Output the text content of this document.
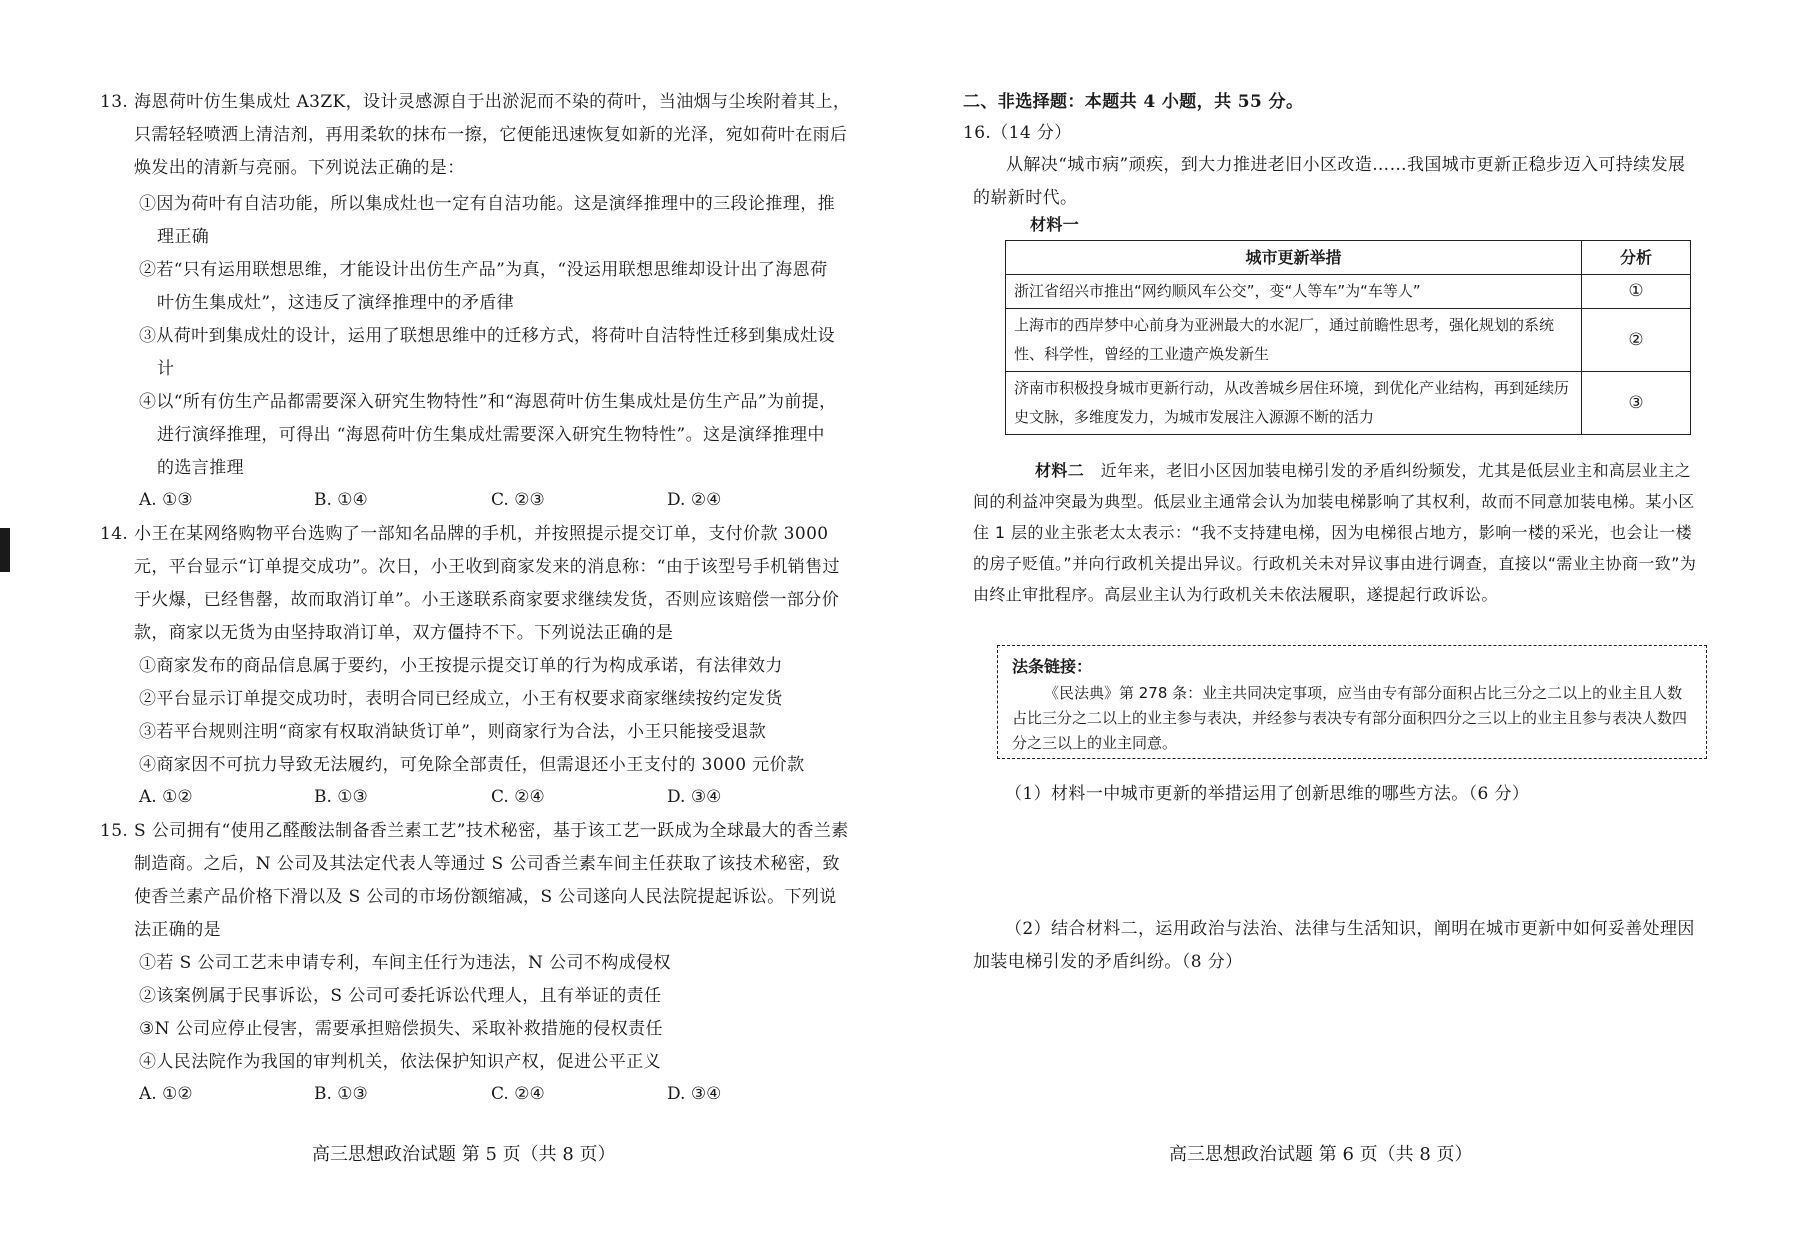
13. 海恩荷叶仿生集成灶 A3ZK，设计灵感源自于出淤泥而不染的荷叶，当油烟与尘埃附着其上，只需轻轻喷洒上清洁剂，再用柔软的抹布一擦，它便能迅速恢复如新的光泽，宛如荷叶在雨后焕发出的清新与亮丽。下列说法正确的是：

①因为荷叶有自洁功能，所以集成灶也一定有自洁功能。这是演绎推理中的三段论推理，推理正确

②若“只有运用联想思维，才能设计出仿生产品”为真，“没运用联想思维却设计出了海恩荷叶仿生集成灶”，这违反了演绎推理中的矛盾律

③从荷叶到集成灶的设计，运用了联想思维中的迁移方式，将荷叶自洁特性迁移到集成灶设计

④以“所有仿生产品都需要深入研究生物特性”和“海恩荷叶仿生集成灶是仿生产品”为前提，进行演绎推理，可得出 “海恩荷叶仿生集成灶需要深入研究生物特性”。这是演绎推理中的选言推理

A. ①③	B. ①④	C. ②③	D. ②④

14. 小王在某网络购物平台选购了一部知名品牌的手机，并按照提示提交订单，支付价款 3000元，平台显示“订单提交成功”。次日，小王收到商家发来的消息称：“由于该型号手机销售过于火爆，已经售罄，故而取消订单”。小王遂联系商家要求继续发货，否则应该赔偿一部分价款，商家以无货为由坚持取消订单，双方僵持不下。下列说法正确的是

①商家发布的商品信息属于要约，小王按提示提交订单的行为构成承诺，有法律效力

②平台显示订单提交成功时，表明合同已经成立，小王有权要求商家继续按约定发货

③若平台规则注明“商家有权取消缺货订单”，则商家行为合法，小王只能接受退款

④商家因不可抗力导致无法履约，可免除全部责任，但需退还小王支付的 3000 元价款

A. ①②	B. ①③	C. ②④	D. ③④

15. S 公司拥有“使用乙醛酸法制备香兰素工艺”技术秘密，基于该工艺一跃成为全球最大的香兰素制造商。之后，N 公司及其法定代表人等通过 S 公司香兰素车间主任获取了该技术秘密，致使香兰素产品价格下滑以及 S 公司的市场份额缩减，S 公司遂向人民法院提起诉讼。下列说法正确的是

①若 S 公司工艺未申请专利，车间主任行为违法，N 公司不构成侵权

②该案例属于民事诉讼，S 公司可委托诉讼代理人，且有举证的责任

③N 公司应停止侵害，需要承担赔偿损失、采取补救措施的侵权责任

④人民法院作为我国的审判机关，依法保护知识产权，促进公平正义

A. ①②	B. ①③	C. ②④	D. ③④
高三思想政治试题 第 5 页（共 8 页）
二、非选择题：本题共 4 小题，共 55 分。
16.（14 分）

从解决“城市病”顽疾，到大力推进老旧小区改造……我国城市更新正稳步迈入可持续发展的崭新时代。

材料一
城市更新举措	分析
浙江省绍兴市推出“网约顺风车公交”，变“人等车”为“车等人”	①
上海市的西岸梦中心前身为亚洲最大的水泥厂，通过前瞻性思考，强化规划的系统性、科学性，曾经的工业遗产焕发新生	②
济南市积极投身城市更新行动，从改善城乡居住环境，到优化产业结构，再到延续历史文脉，多维度发力，为城市发展注入源源不断的活力	③

材料二　 近年来，老旧小区因加装电梯引发的矛盾纠纷频发，尤其是低层业主和高层业主之间的利益冲突最为典型。低层业主通常会认为加装电梯影响了其权利，故而不同意加装电梯。某小区住 1 层的业主张老太太表示：“我不支持建电梯，因为电梯很占地方，影响一楼的采光，也会让一楼的房子贬值。”并向行政机关提出异议。行政机关未对异议事由进行调查，直接以“需业主协商一致”为由终止审批程序。高层业主认为行政机关未依法履职，遂提起行政诉讼。

法条链接：

《民法典》第 278 条：业主共同决定事项，应当由专有部分面积占比三分之二以上的业主且人数占比三分之二以上的业主参与表决，并经参与表决专有部分面积四分之三以上的业主且参与表决人数四分之三以上的业主同意。

（1）材料一中城市更新的举措运用了创新思维的哪些方法。（6 分）

（2）结合材料二，运用政治与法治、法律与生活知识，阐明在城市更新中如何妥善处理因加装电梯引发的矛盾纠纷。（8 分）

高三思想政治试题 第 6 页（共 8 页）
